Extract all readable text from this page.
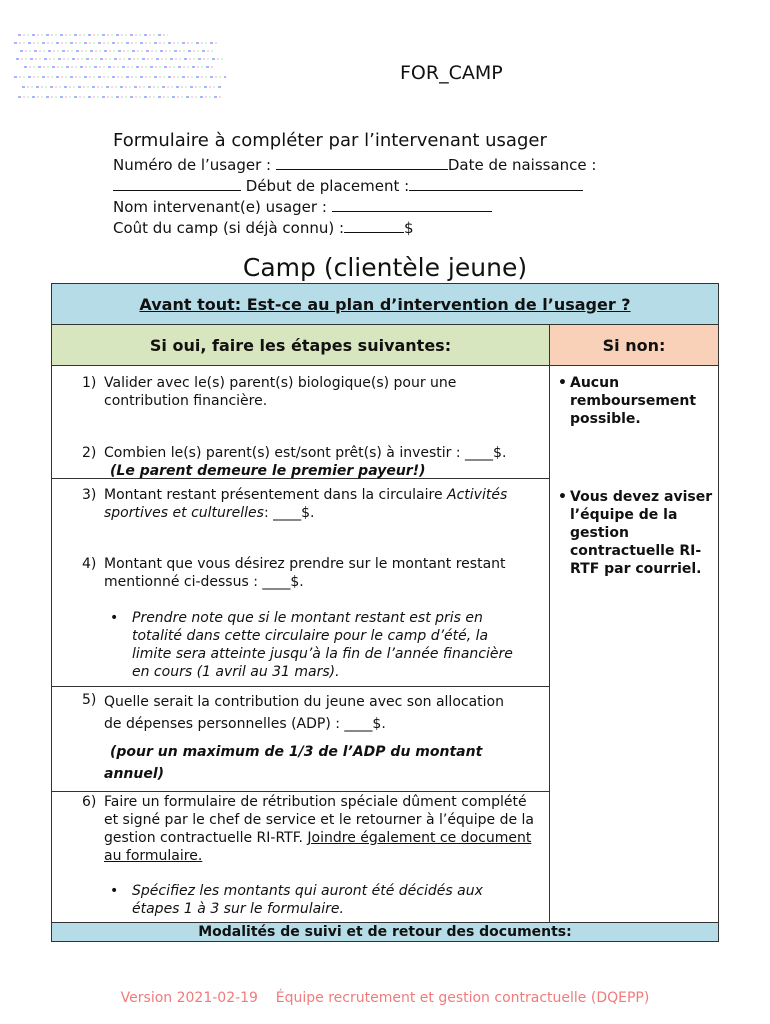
FOR_CAMP
Formulaire à compléter par l’intervenant usager
Numéro de l’usager :	Date de naissance :
Début de placement :
Nom intervenant(e) usager :
Coût du camp (si déjà connu) :	$
Camp (clientèle jeune)
Avant tout: Est-ce au plan d’intervention de l’usager ?
Si oui, faire les étapes suivantes:	Si non:
1) Valider avec le(s) parent(s) biologique(s) pour une contribution financière.
2) Combien le(s) parent(s) est/sont prêt(s) à investir : ____$.
(Le parent demeure le premier payeur!)
3) Montant restant présentement dans la circulaire Activités sportives et culturelles: ____$.
4) Montant que vous désirez prendre sur le montant restant mentionné ci-dessus : ____$.
• Prendre note que si le montant restant est pris en totalité dans cette circulaire pour le camp d’été, la limite sera atteinte jusqu’à la fin de l’année financière en cours (1 avril au 31 mars).
5) Quelle serait la contribution du jeune avec son allocation
de dépenses personnelles (ADP) : ____$.
(pour un maximum de 1/3 de l’ADP du montant annuel)
6) Faire un formulaire de rétribution spéciale dûment complété et signé par le chef de service et le retourner à l’équipe de la gestion contractuelle RI-RTF. Joindre également ce document au formulaire.
• Spécifiez les montants qui auront été décidés aux étapes 1 à 3 sur le formulaire.
• Aucun remboursement possible.
• Vous devez aviser l’équipe de la gestion contractuelle RI-RTF par courriel.
Modalités de suivi et de retour des documents:
Version 2021-02-19    Équipe recrutement et gestion contractuelle (DQEPP)
